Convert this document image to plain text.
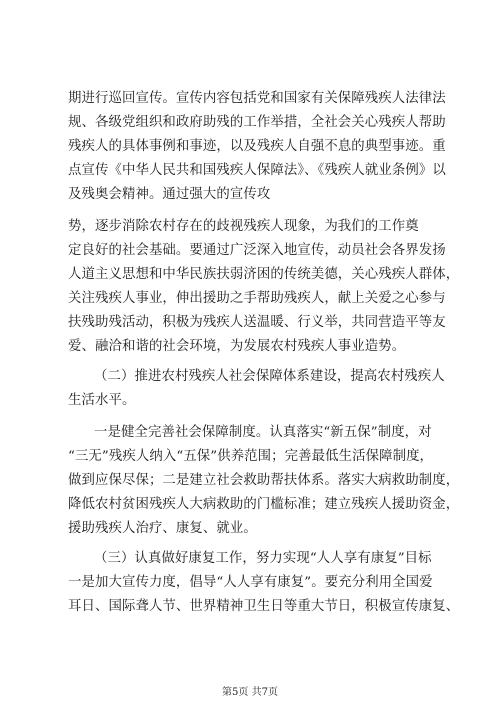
期进行巡回宣传。宣传内容包括党和国家有关保障残疾人法律法
规、各级党组织和政府助残的工作举措，全社会关心残疾人帮助
残疾人的具体事例和事迹，以及残疾人自强不息的典型事迹。重
点宣传《中华人民共和国残疾人保障法》、《残疾人就业条例》以
及残奥会精神。通过强大的宣传攻
势，逐步消除农村存在的歧视残疾人现象，为我们的工作奠
定良好的社会基础。要通过广泛深入地宣传，动员社会各界发扬
人道主义思想和中华民族扶弱济困的传统美德，关心残疾人群体，
关注残疾人事业，伸出援助之手帮助残疾人，献上关爱之心参与
扶残助残活动，积极为残疾人送温暖、行义举，共同营造平等友
爱、融洽和谐的社会环境，为发展农村残疾人事业造势。
（二）推进农村残疾人社会保障体系建设，提高农村残疾人
生活水平。
一是健全完善社会保障制度。认真落实“新五保”制度，对
“三无”残疾人纳入“五保”供养范围；完善最低生活保障制度，
做到应保尽保；二是建立社会救助帮扶体系。落实大病救助制度，
降低农村贫困残疾人大病救助的门槛标准；建立残疾人援助资金，
援助残疾人治疗、康复、就业。
（三）认真做好康复工作，努力实现“人人享有康复”目标
一是加大宣传力度，倡导“人人享有康复”。要充分利用全国爱
耳日、国际聋人节、世界精神卫生日等重大节日，积极宣传康复、
第5页 共7页
